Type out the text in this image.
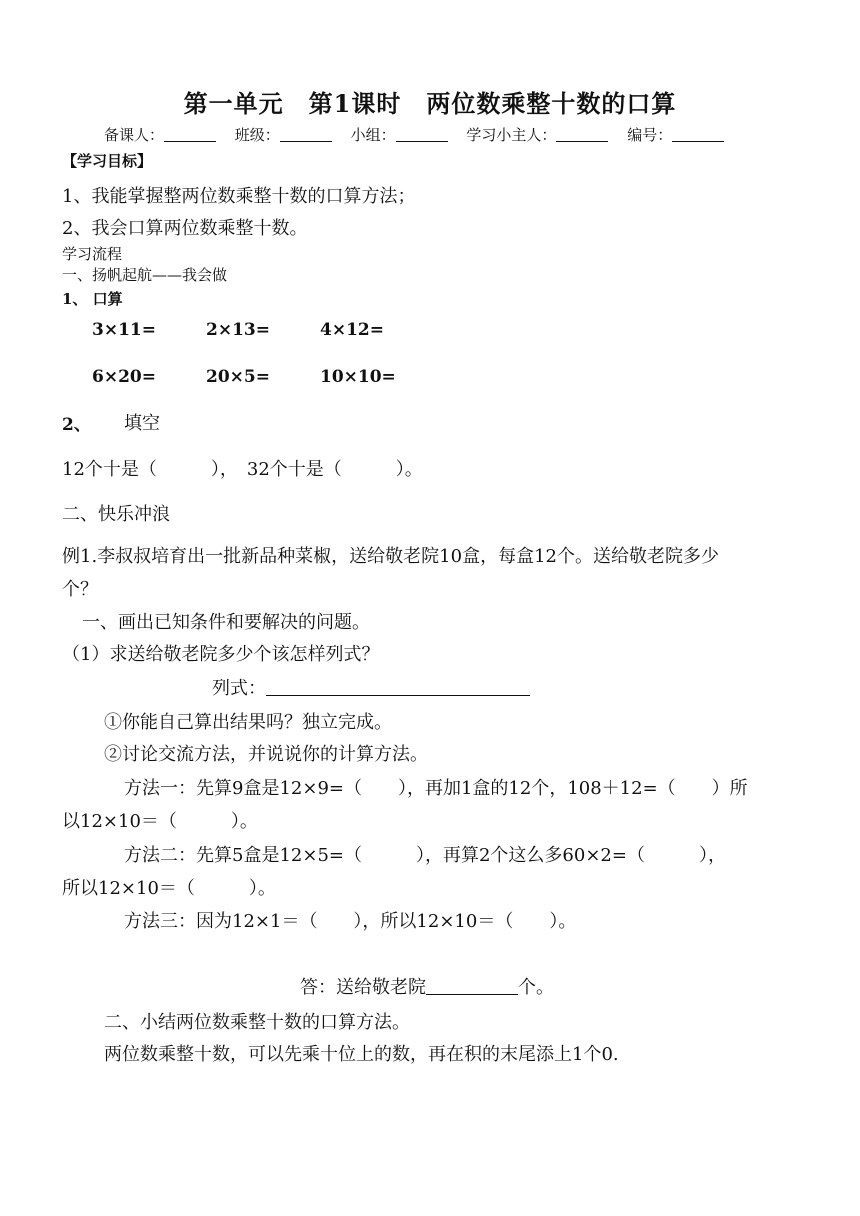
第一单元　第1课时　两位数乘整十数的口算
备课人：	班级：	小组：	学习小主人：	编号：
【学习目标】
1、我能掌握整两位数乘整十数的口算方法；
2、我会口算两位数乘整十数。
学习流程
一、扬帆起航——我会做
1、 口算
3×11=	2×13=	4×12=
6×20=	20×5=	10×10=
2、 填空
12个十是（　　　），　32个十是（　　　）。
二、快乐冲浪
例1.李叔叔培育出一批新品种菜椒，送给敬老院10盒，每盒12个。送给敬老院多少
个？
一、画出已知条件和要解决的问题。
（1）求送给敬老院多少个该怎样列式？
列式：
①你能自己算出结果吗？独立完成。
②讨论交流方法，并说说你的计算方法。
方法一：先算9盒是12×9=（　　），再加1盒的12个，108＋12=（　　）所
以12×10＝（　　　）。
方法二：先算5盒是12×5=（　　　），再算2个这么多60×2=（　　　），
所以12×10＝（　　　）。
方法三：因为12×1＝（　　），所以12×10＝（　　）。
答：送给敬老院	个。
二、小结两位数乘整十数的口算方法。
两位数乘整十数，可以先乘十位上的数，再在积的末尾添上1个0.
